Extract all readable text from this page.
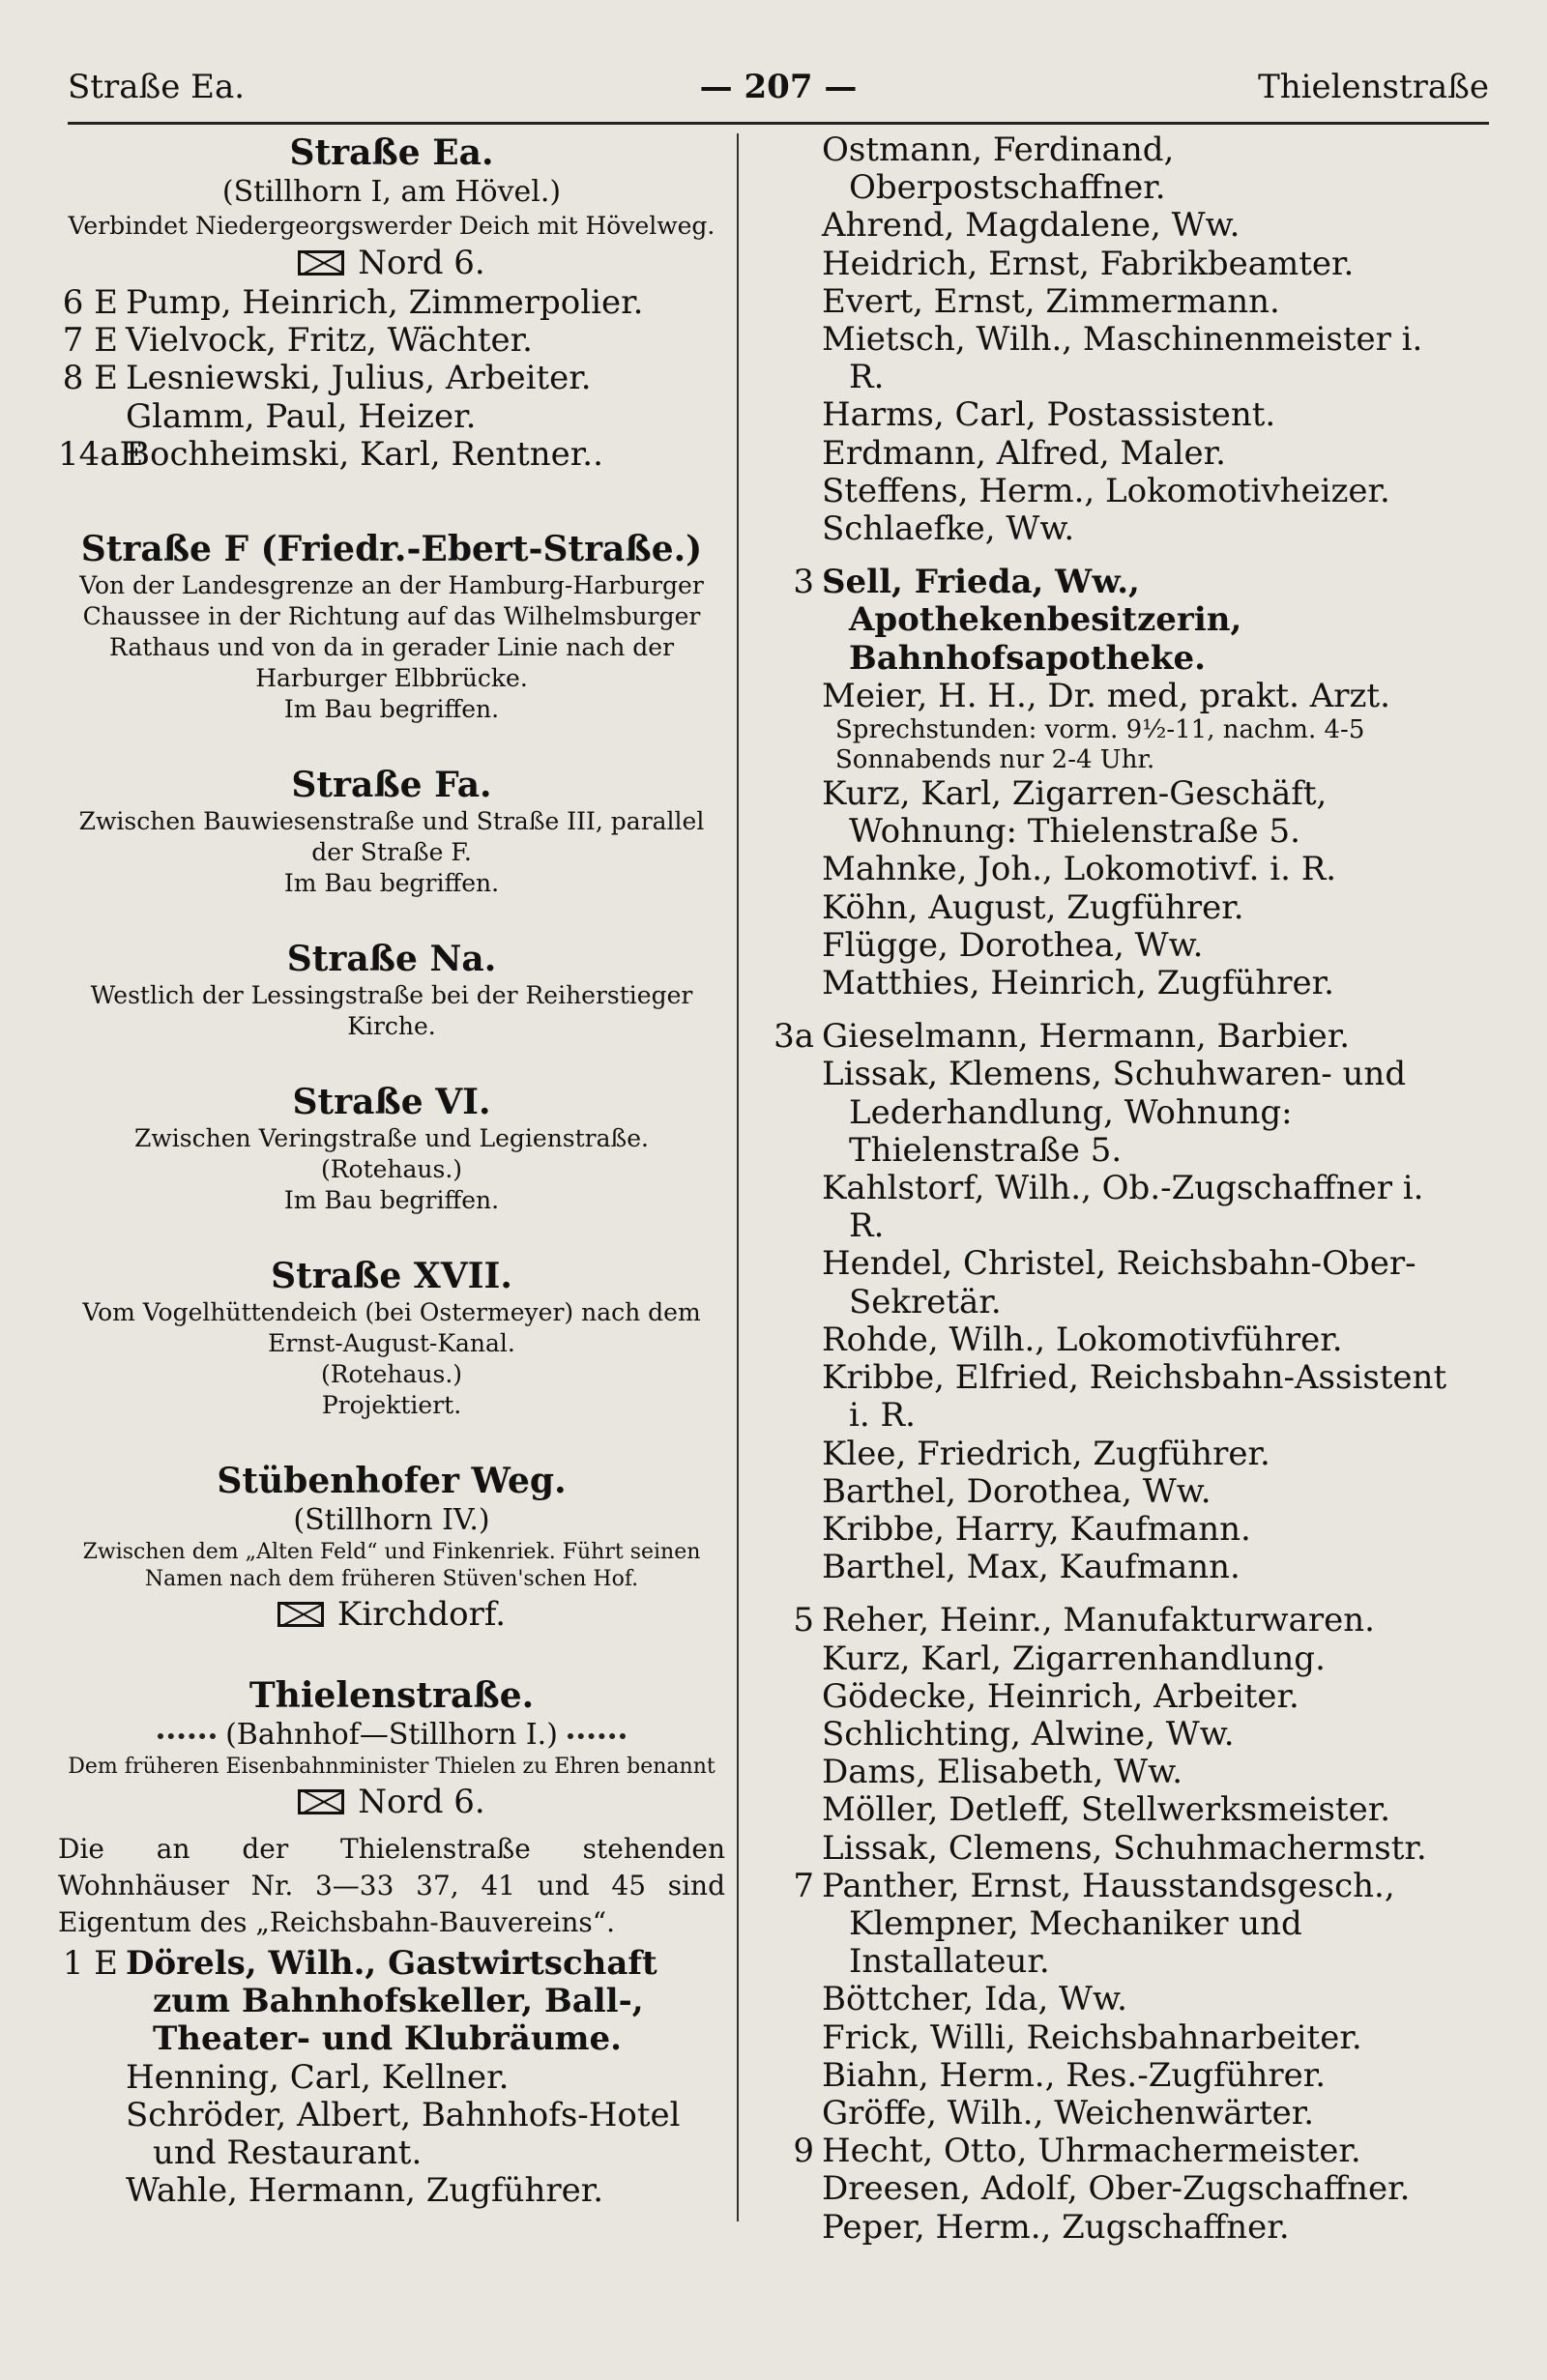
Straße Ea.	— 207 —	Thielenstraße
Straße Ea.
(Stillhorn I, am Hövel.)
Verbindet Niedergeorgswerder Deich mit Hövelweg.
Nord 6.
6 E Pump, Heinrich, Zimmerpolier.
7 E Vielvock, Fritz, Wächter.
8 E Lesniewski, Julius, Arbeiter.
Glamm, Paul, Heizer.
14aE
Bochheimski, Karl, Rentner..
Straße F (Friedr.-Ebert-Straße.)
Von der Landesgrenze an der Hamburg-Harburger Chaussee in der Richtung auf das Wilhelmsburger Rathaus und von da in gerader Linie nach der Harburger Elbbrücke.
Im Bau begriffen.
Straße Fa.
Zwischen Bauwiesenstraße und Straße III, parallel der Straße F.
Im Bau begriffen.
Straße Na.
Westlich der Lessingstraße bei der Reiherstieger Kirche.
Straße VI.
Zwischen Veringstraße und Legienstraße.
(Rotehaus.)
Im Bau begriffen.
Straße XVII.
Vom Vogelhüttendeich (bei Ostermeyer) nach dem Ernst-August-Kanal.
(Rotehaus.)
Projektiert.
Stübenhofer Weg.
(Stillhorn IV.)
Zwischen dem „Alten Feld“ und Finkenriek. Führt seinen Namen nach dem früheren Stüven'schen Hof.
Kirchdorf.
Thielenstraße.
(Bahnhof—Stillhorn I.)
Dem früheren Eisenbahnminister Thielen zu Ehren benannt
Nord 6.
Die an der Thielenstraße stehenden Wohnhäuser Nr. 3—33 37, 41 und 45 sind Eigentum des „Reichsbahn-Bauvereins“.
1 E Dörels, Wilh., Gastwirtschaft zum Bahnhofskeller, Ball-, Theater- und Klubräume.
Henning, Carl, Kellner.
Schröder, Albert, Bahnhofs-Hotel und Restaurant.
Wahle, Hermann, Zugführer.
Ostmann, Ferdinand, Oberpostschaffner.
Ahrend, Magdalene, Ww.
Heidrich, Ernst, Fabrikbeamter.
Evert, Ernst, Zimmermann.
Mietsch, Wilh., Maschinenmeister i. R.
Harms, Carl, Postassistent.
Erdmann, Alfred, Maler.
Steffens, Herm., Lokomotivheizer.
Schlaefke, Ww.
3 Sell, Frieda, Ww., Apothekenbesitzerin, Bahnhofsapotheke.
Meier, H. H., Dr. med, prakt. Arzt.
Sprechstunden: vorm. 9½-11, nachm. 4-5 Sonnabends nur 2-4 Uhr.
Kurz, Karl, Zigarren-Geschäft, Wohnung: Thielenstraße 5.
Mahnke, Joh., Lokomotivf. i. R.
Köhn, August, Zugführer.
Flügge, Dorothea, Ww.
Matthies, Heinrich, Zugführer.
3a Gieselmann, Hermann, Barbier.
Lissak, Klemens, Schuhwaren- und Lederhandlung, Wohnung: Thielenstraße 5.
Kahlstorf, Wilh., Ob.-Zugschaffner i. R.
Hendel, Christel, Reichsbahn-Ober-Sekretär.
Rohde, Wilh., Lokomotivführer.
Kribbe, Elfried, Reichsbahn-Assistent i. R.
Klee, Friedrich, Zugführer.
Barthel, Dorothea, Ww.
Kribbe, Harry, Kaufmann.
Barthel, Max, Kaufmann.
5 Reher, Heinr., Manufakturwaren.
Kurz, Karl, Zigarrenhandlung.
Gödecke, Heinrich, Arbeiter.
Schlichting, Alwine, Ww.
Dams, Elisabeth, Ww.
Möller, Detleff, Stellwerksmeister.
Lissak, Clemens, Schuhmachermstr.
7 Panther, Ernst, Hausstandsgesch., Klempner, Mechaniker und Installateur.
Böttcher, Ida, Ww.
Frick, Willi, Reichsbahnarbeiter.
Biahn, Herm., Res.-Zugführer.
Gröffe, Wilh., Weichenwärter.
9 Hecht, Otto, Uhrmachermeister.
Dreesen, Adolf, Ober-Zugschaffner.
Peper, Herm., Zugschaffner.
